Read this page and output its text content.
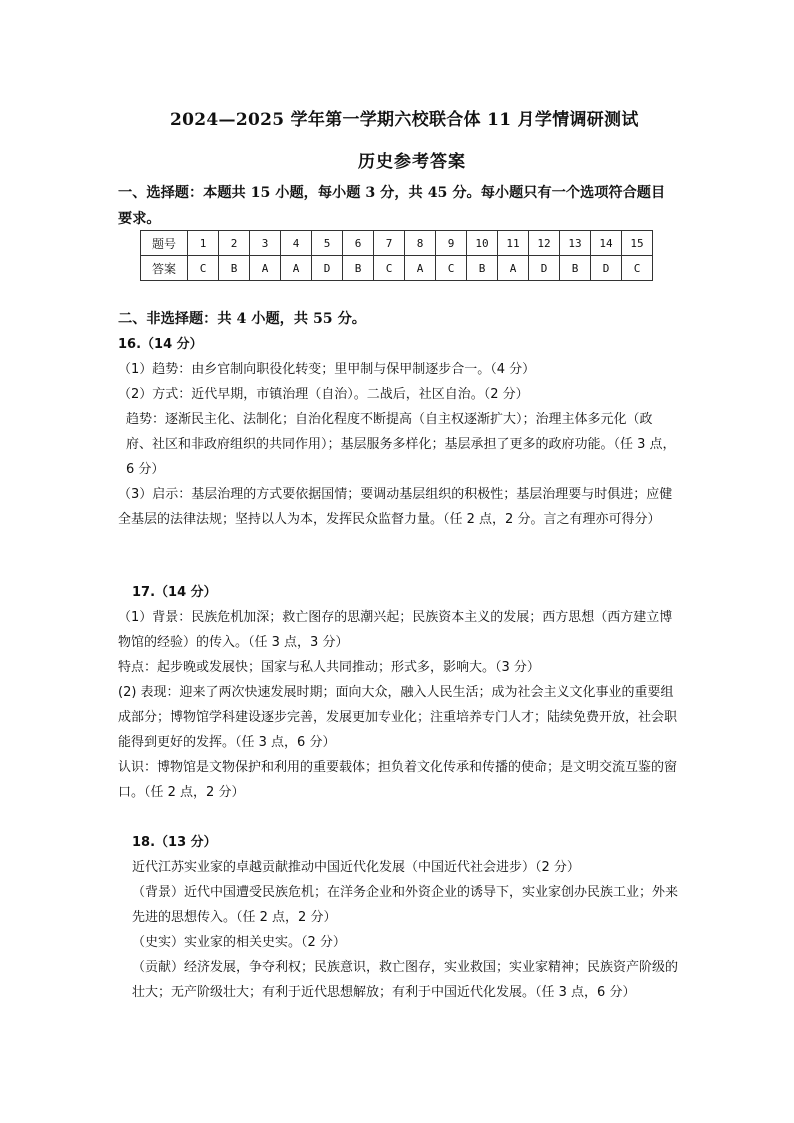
2024—2025 学年第一学期六校联合体 11 月学情调研测试
历史参考答案
一、选择题：本题共 15 小题，每小题 3 分，共 45 分。每小题只有一个选项符合题目要求。
题号	1	2	3	4	5	6	7	8	9	10	11	12	13	14	15
答案	C	B	A	A	D	B	C	A	C	B	A	D	B	D	C
二、非选择题：共 4 小题，共 55 分。
16.（14 分）
（1）趋势：由乡官制向职役化转变；里甲制与保甲制逐步合一。（4 分）
（2）方式：近代早期，市镇治理（自治）。二战后，社区自治。（2 分）
趋势：逐渐民主化、法制化；自治化程度不断提高（自主权逐渐扩大）；治理主体多元化（政府、社区和非政府组织的共同作用）；基层服务多样化；基层承担了更多的政府功能。（任 3 点，6 分）
（3）启示：基层治理的方式要依据国情；要调动基层组织的积极性；基层治理要与时俱进；应健全基层的法律法规；坚持以人为本，发挥民众监督力量。（任 2 点，2 分。言之有理亦可得分）
17.（14 分）
（1）背景：民族危机加深；救亡图存的思潮兴起；民族资本主义的发展；西方思想（西方建立博物馆的经验）的传入。（任 3 点，3 分）
特点：起步晚或发展快；国家与私人共同推动；形式多，影响大。（3 分）
(2) 表现：迎来了两次快速发展时期；面向大众，融入人民生活；成为社会主义文化事业的重要组成部分；博物馆学科建设逐步完善，发展更加专业化；注重培养专门人才；陆续免费开放，社会职能得到更好的发挥。（任 3 点，6 分）
认识：博物馆是文物保护和利用的重要载体；担负着文化传承和传播的使命；是文明交流互鉴的窗口。（任 2 点，2 分）
18.（13 分）
近代江苏实业家的卓越贡献推动中国近代化发展（中国近代社会进步）（2 分）
（背景）近代中国遭受民族危机；在洋务企业和外资企业的诱导下，实业家创办民族工业；外来先进的思想传入。（任 2 点，2 分）
（史实）实业家的相关史实。（2 分）
（贡献）经济发展，争夺利权；民族意识，救亡图存，实业救国；实业家精神；民族资产阶级的壮大；无产阶级壮大；有利于近代思想解放；有利于中国近代化发展。（任 3 点，6 分）
